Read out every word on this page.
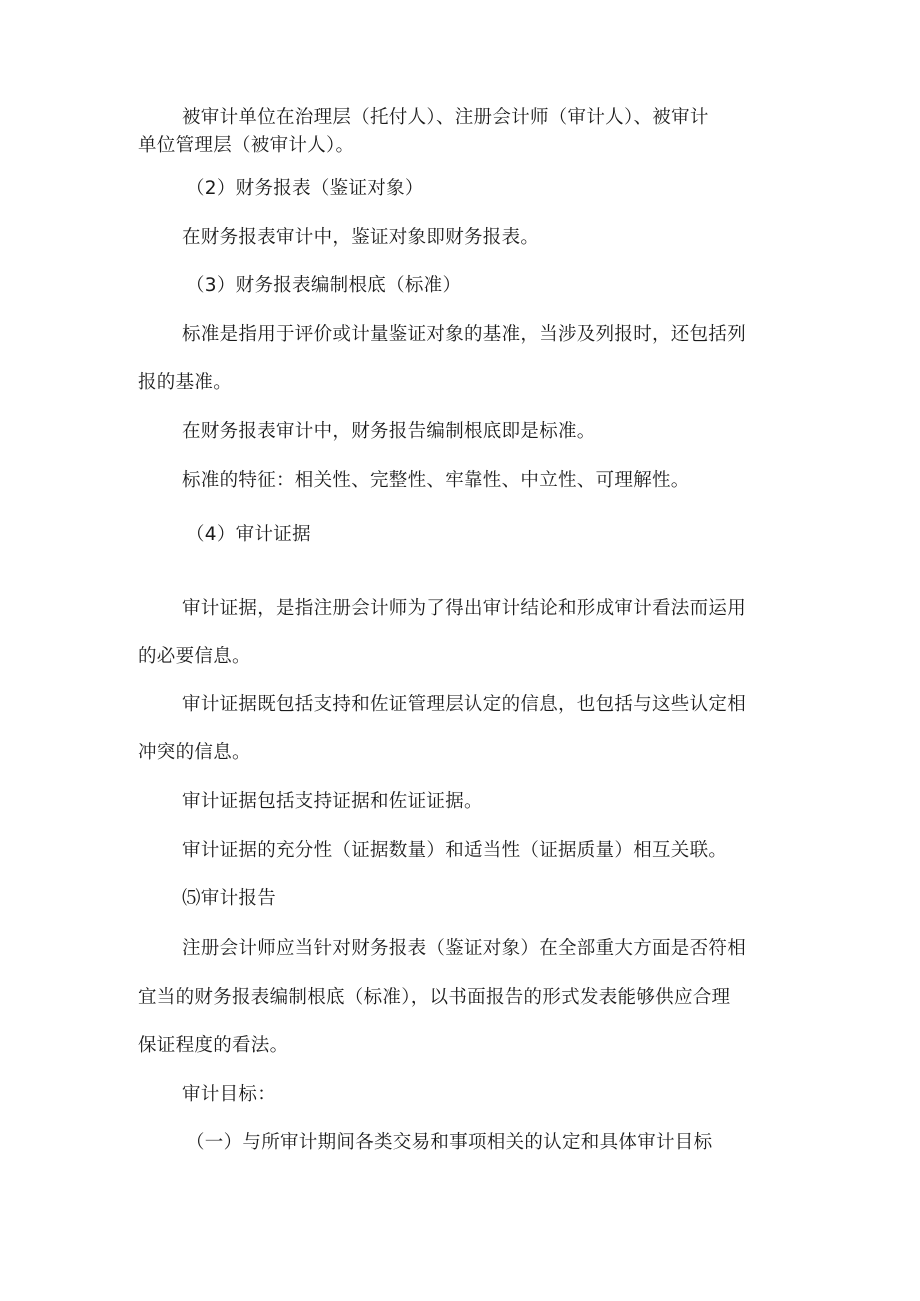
被审计单位在治理层（托付人）、注册会计师（审计人）、被审计
单位管理层（被审计人）。
（2）财务报表（鉴证对象）
在财务报表审计中，鉴证对象即财务报表。
（3）财务报表编制根底（标准）
标准是指用于评价或计量鉴证对象的基准，当涉及列报时，还包括列
报的基准。
在财务报表审计中，财务报告编制根底即是标准。
标准的特征：相关性、完整性、牢靠性、中立性、可理解性。
（4）审计证据
审计证据，是指注册会计师为了得出审计结论和形成审计看法而运用
的必要信息。
审计证据既包括支持和佐证管理层认定的信息，也包括与这些认定相
冲突的信息。
审计证据包括支持证据和佐证证据。
审计证据的充分性（证据数量）和适当性（证据质量）相互关联。
⑸审计报告
注册会计师应当针对财务报表（鉴证对象）在全部重大方面是否符相
宜当的财务报表编制根底（标准），以书面报告的形式发表能够供应合理
保证程度的看法。
审计目标：
（一）与所审计期间各类交易和事项相关的认定和具体审计目标
